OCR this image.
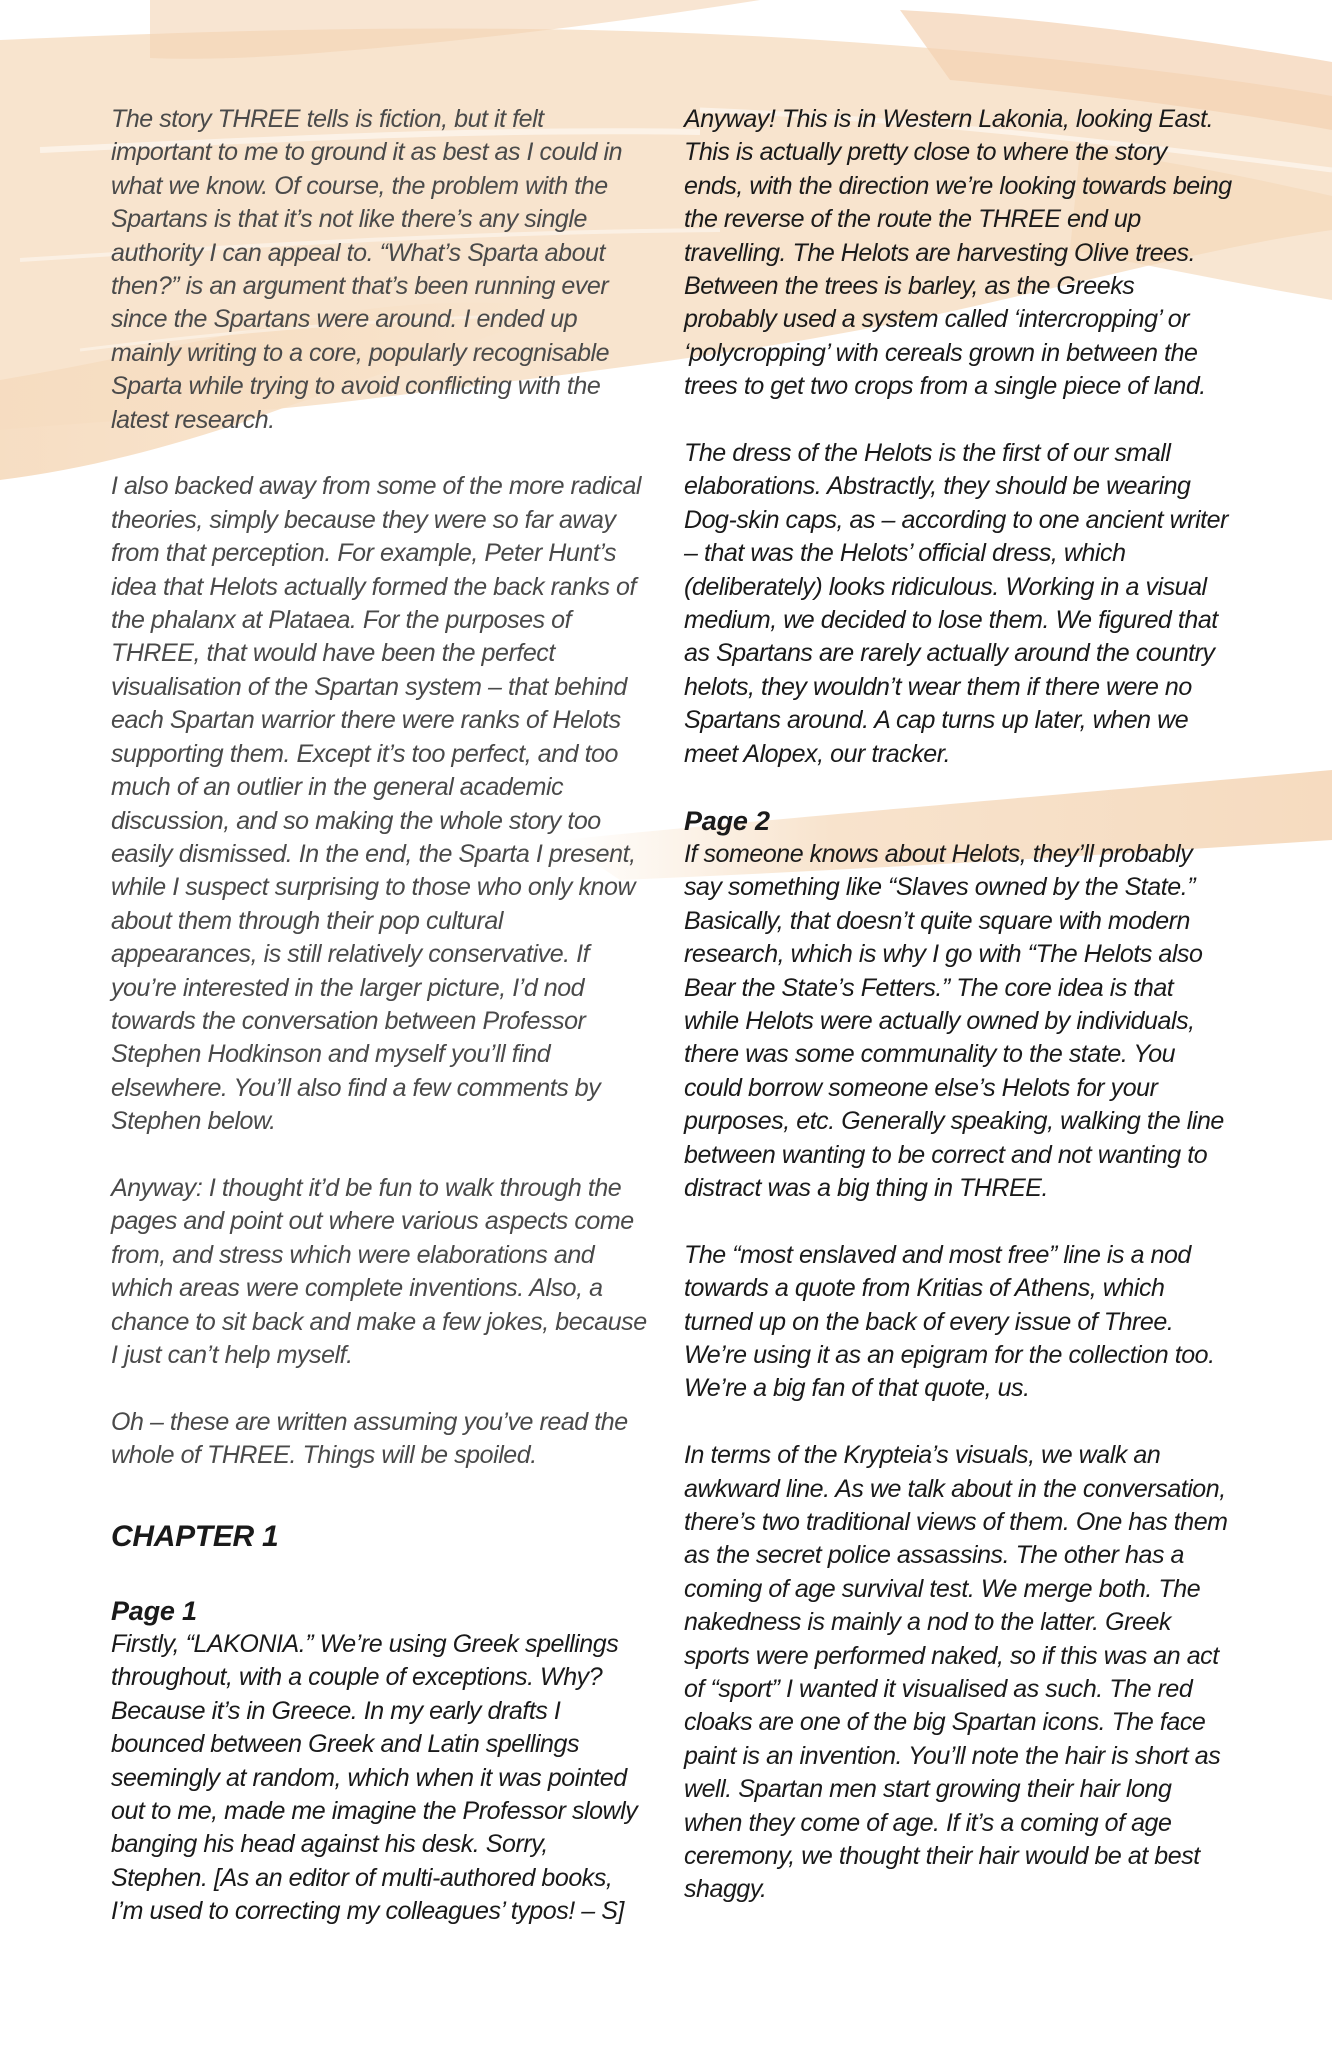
The story THREE tells is fiction, but it felt important to me to ground it as best as I could in what we know. Of course, the problem with the Spartans is that it’s not like there’s any single authority I can appeal to. “What’s Sparta about then?” is an argument that’s been running ever since the Spartans were around. I ended up mainly writing to a core, popularly recognisable Sparta while trying to avoid conflicting with the latest research.

I also backed away from some of the more radical theories, simply because they were so far away from that perception. For example, Peter Hunt’s idea that Helots actually formed the back ranks of the phalanx at Plataea. For the purposes of THREE, that would have been the perfect visualisation of the Spartan system – that behind each Spartan warrior there were ranks of Helots supporting them. Except it’s too perfect, and too much of an outlier in the general academic discussion, and so making the whole story too easily dismissed. In the end, the Sparta I present, while I suspect surprising to those who only know about them through their pop cultural appearances, is still relatively conservative. If you’re interested in the larger picture, I’d nod towards the conversation between Professor Stephen Hodkinson and myself you’ll find elsewhere. You’ll also find a few comments by Stephen below.

Anyway: I thought it’d be fun to walk through the pages and point out where various aspects come from, and stress which were elaborations and which areas were complete inventions. Also, a chance to sit back and make a few jokes, because I just can’t help myself.

Oh – these are written assuming you’ve read the whole of THREE. Things will be spoiled.

CHAPTER 1
Page 1

Firstly, “LAKONIA.” We’re using Greek spellings throughout, with a couple of exceptions. Why? Because it’s in Greece. In my early drafts I bounced between Greek and Latin spellings seemingly at random, which when it was pointed out to me, made me imagine the Professor slowly banging his head against his desk. Sorry, Stephen. [As an editor of multi-authored books, I’m used to correcting my colleagues’ typos! – S]

Anyway! This is in Western Lakonia, looking East. This is actually pretty close to where the story ends, with the direction we’re looking towards being the reverse of the route the THREE end up travelling. The Helots are harvesting Olive trees. Between the trees is barley, as the Greeks probably used a system called ‘intercropping’ or ‘polycropping’ with cereals grown in between the trees to get two crops from a single piece of land.

The dress of the Helots is the first of our small elaborations. Abstractly, they should be wearing Dog-skin caps, as – according to one ancient writer – that was the Helots’ official dress, which (deliberately) looks ridiculous. Working in a visual medium, we decided to lose them. We figured that as Spartans are rarely actually around the country helots, they wouldn’t wear them if there were no Spartans around. A cap turns up later, when we meet Alopex, our tracker.

Page 2

If someone knows about Helots, they’ll probably say something like “Slaves owned by the State.” Basically, that doesn’t quite square with modern research, which is why I go with “The Helots also Bear the State’s Fetters.” The core idea is that while Helots were actually owned by individuals, there was some communality to the state. You could borrow someone else’s Helots for your purposes, etc. Generally speaking, walking the line between wanting to be correct and not wanting to distract was a big thing in THREE.

The “most enslaved and most free” line is a nod towards a quote from Kritias of Athens, which turned up on the back of every issue of Three. We’re using it as an epigram for the collection too. We’re a big fan of that quote, us.

In terms of the Krypteia’s visuals, we walk an awkward line. As we talk about in the conversation, there’s two traditional views of them. One has them as the secret police assassins. The other has a coming of age survival test. We merge both. The nakedness is mainly a nod to the latter. Greek sports were performed naked, so if this was an act of “sport” I wanted it visualised as such. The red cloaks are one of the big Spartan icons. The face paint is an invention. You’ll note the hair is short as well. Spartan men start growing their hair long when they come of age. If it’s a coming of age ceremony, we thought their hair would be at best shaggy.
